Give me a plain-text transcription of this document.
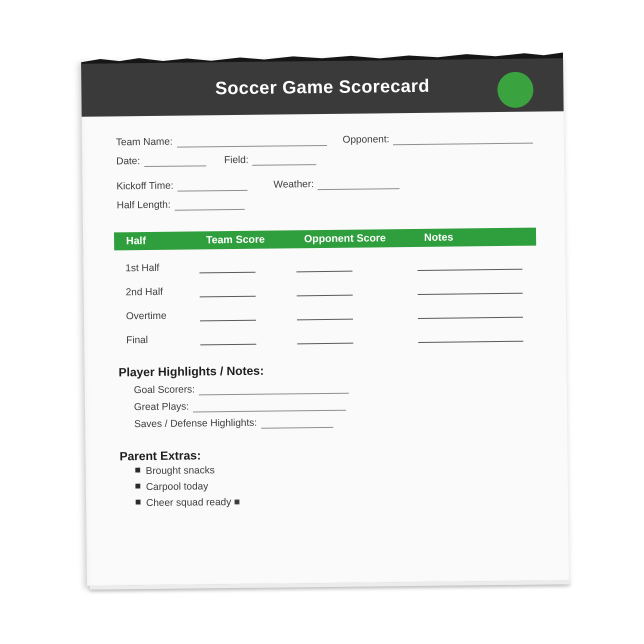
Soccer Game Scorecard
Team Name:	Opponent:
Date:	Field:
Kickoff Time:	Weather:
Half Length:
Half	Team Score	Opponent Score	Notes
1st Half
2nd Half
Overtime
Final
Player Highlights / Notes:
Goal Scorers:
Great Plays:
Saves / Defense Highlights:
Parent Extras:
■ Brought snacks
■ Carpool today
■ Cheer squad ready ■
